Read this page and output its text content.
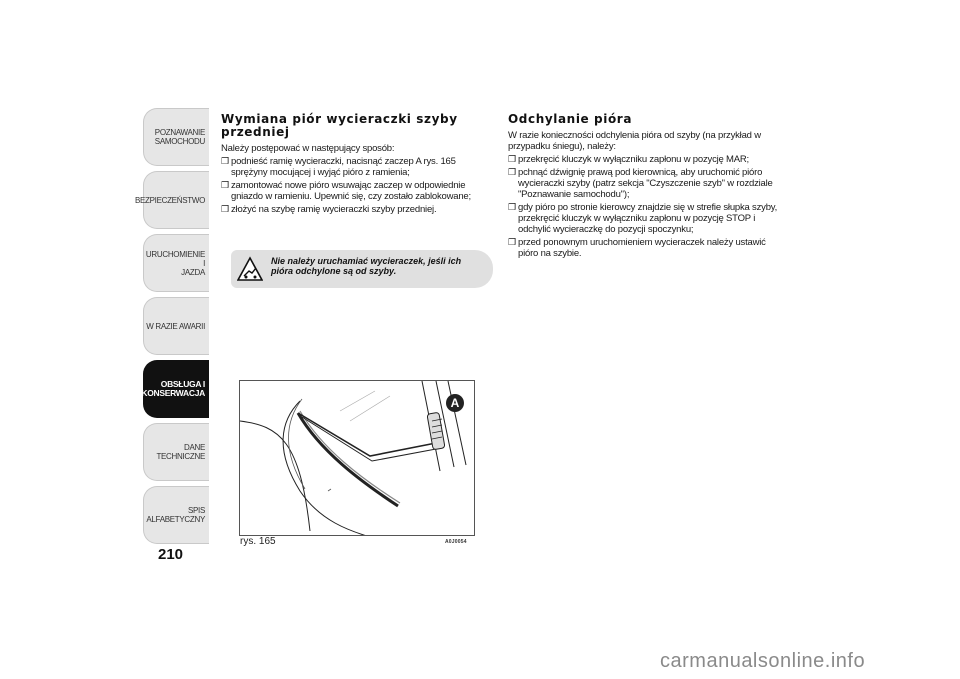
POZNAWANIE
SAMOCHODU
BEZPIECZEŃSTWO
URUCHOMIENIE I
JAZDA
W RAZIE AWARII
OBSŁUGA I
KONSERWACJA
DANE TECHNICZNE
SPIS ALFABETYCZNY
210
Wymiana piór wycieraczki szyby przedniej

Należy postępować w następujący sposób:

❒ podnieść ramię wycieraczki, nacisnąć zaczep A rys. 165 sprężyny mocującej i wyjąć pióro z ramienia;
❒ zamontować nowe pióro wsuwając zaczep w odpowiednie gniazdo w ramieniu. Upewnić się, czy zostało zablokowane;
❒ złożyć na szybę ramię wycieraczki szyby przedniej.
Nie należy uruchamiać wycieraczek, jeśli ich pióra odchylone są od szyby.
A
rys. 165	A0J0054
Odchylanie pióra

W razie konieczności odchylenia pióra od szyby (na przykład w przypadku śniegu), należy:

❒ przekręcić kluczyk w wyłączniku zapłonu w pozycję MAR;
❒ pchnąć dźwignię prawą pod kierownicą, aby uruchomić pióro wycieraczki szyby (patrz sekcja "Czyszczenie szyb" w rozdziale "Poznawanie samochodu");
❒ gdy pióro po stronie kierowcy znajdzie się w strefie słupka szyby, przekręcić kluczyk w wyłączniku zapłonu w pozycję STOP i odchylić wycieraczkę do pozycji spoczynku;
❒ przed ponownym uruchomieniem wycieraczek należy ustawić pióro na szybie.
carmanualsonline.info
